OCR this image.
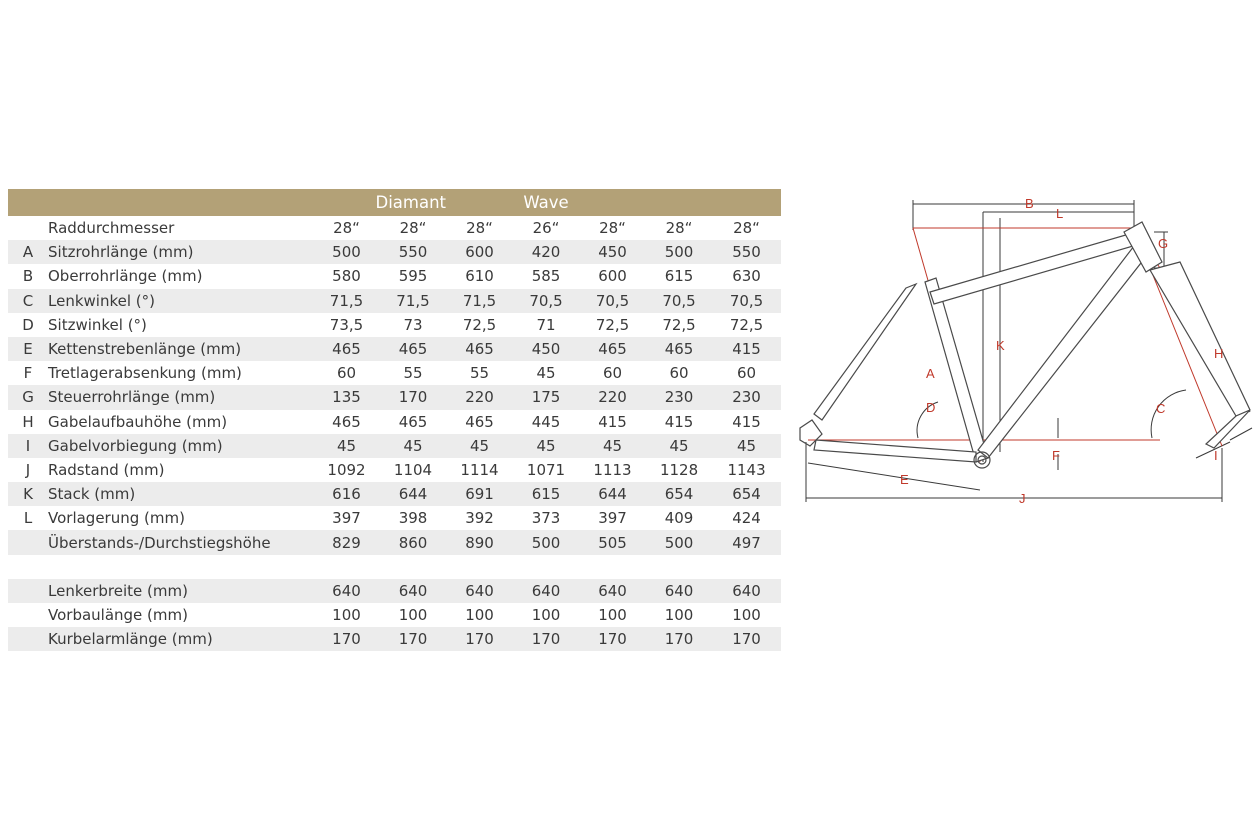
		Diamant		Wave				
	Raddurchmesser	28“	28“	28“	26“	28“	28“	28“
A	Sitzrohrlänge (mm)	500	550	600	420	450	500	550
B	Oberrohrlänge (mm)	580	595	610	585	600	615	630
C	Lenkwinkel (°)	71,5	71,5	71,5	70,5	70,5	70,5	70,5
D	Sitzwinkel (°)	73,5	73	72,5	71	72,5	72,5	72,5
E	Kettenstrebenlänge (mm)	465	465	465	450	465	465	415
F	Tretlagerabsenkung (mm)	60	55	55	45	60	60	60
G	Steuerrohrlänge (mm)	135	170	220	175	220	230	230
H	Gabelaufbauhöhe (mm)	465	465	465	445	415	415	415
I	Gabelvorbiegung (mm)	45	45	45	45	45	45	45
J	Radstand (mm)	1092	1104	1114	1071	1113	1128	1143
K	Stack (mm)	616	644	691	615	644	654	654
L	Vorlagerung (mm)	397	398	392	373	397	409	424
	Überstands-/Durchstiegshöhe	829	860	890	500	505	500	497

	Lenkerbreite (mm)	640	640	640	640	640	640	640
	Vorbaulänge (mm)	100	100	100	100	100	100	100
	Kurbelarmlänge (mm)	170	170	170	170	170	170	170
B
L
G
K
H
A
D	C
F	I
E
J
